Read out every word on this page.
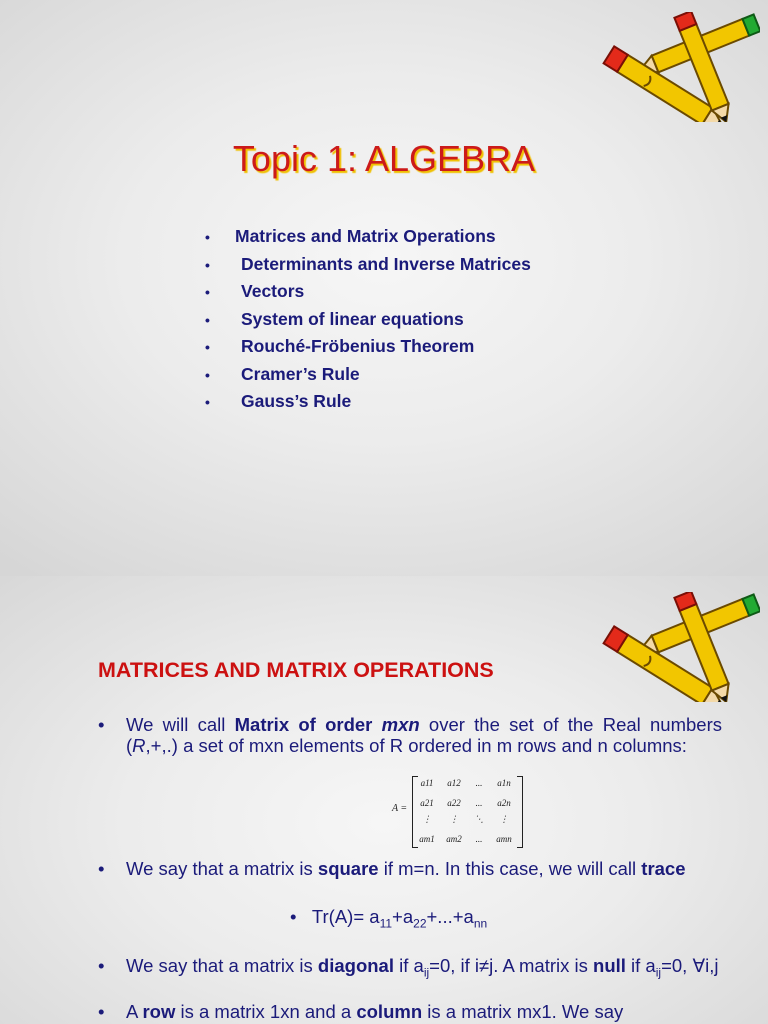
Topic 1: ALGEBRA
• Matrices and Matrix Operations
• Determinants and Inverse Matrices
• Vectors
• System of linear equations
• Rouché-Fröbenius Theorem
• Cramer’s Rule
• Gauss’s Rule
MATRICES AND MATRIX OPERATIONS
• We will call Matrix of order mxn over the set of the Real numbers (R,+,.) a set of mxn elements of R ordered in m rows and n columns:
A =
a11	a12	...	a1n
a21	a22	...	a2n
⋮	⋮	⋱	⋮
am1	am2	...	amn
• We say that a matrix is square if m=n. In this case, we will call trace
• $Tr(A)= a_{11}+a_{22}+...+a_{nn}$
• We say that a matrix is diagonal if $a_{ij}=0$, if i≠j. A matrix is null if $a_{ij}=0$, ∀i,j
• A row is a matrix 1xn and a column is a matrix mx1. We say
